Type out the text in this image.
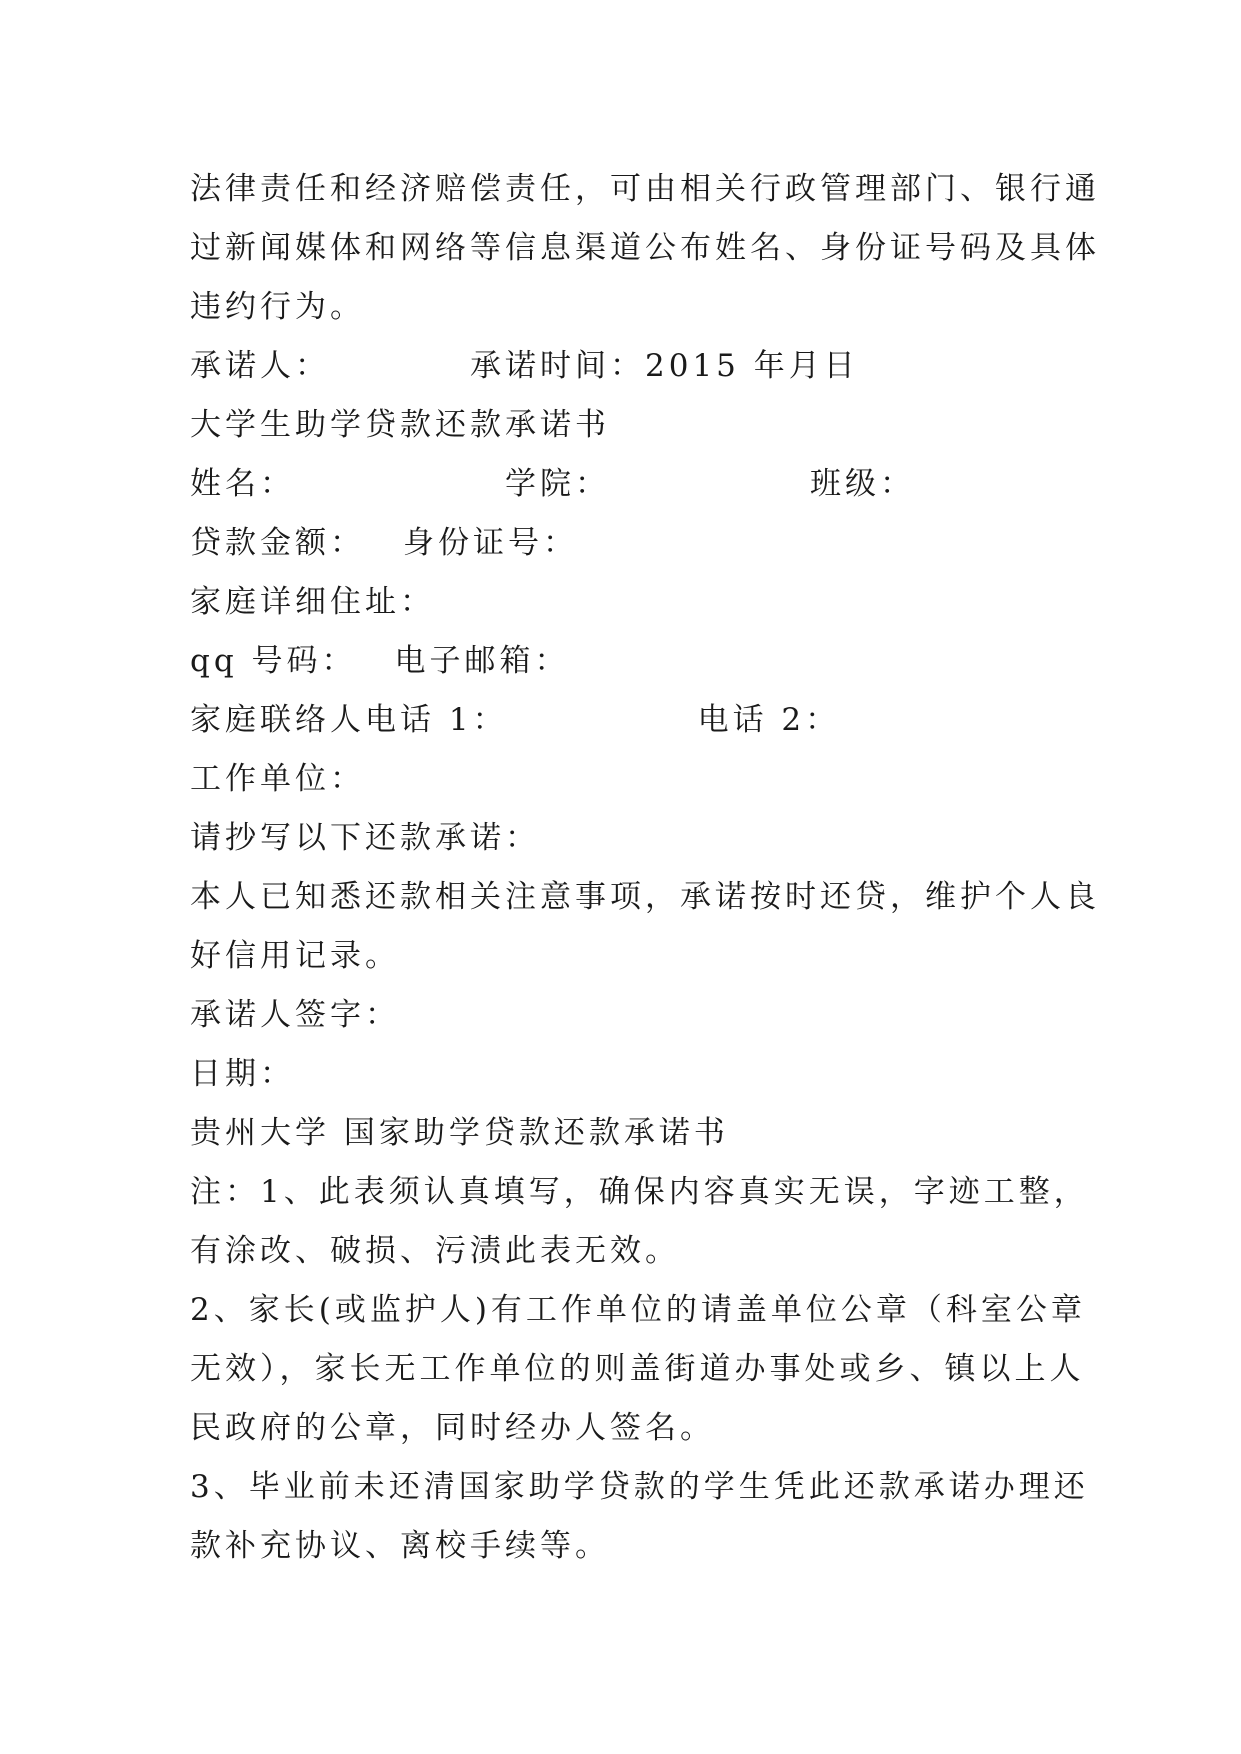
法律责任和经济赔偿责任，可由相关行政管理部门、银行通
过新闻媒体和网络等信息渠道公布姓名、身份证号码及具体
违约行为。
承诺人：	承诺时间：2015 年月日
大学生助学贷款还款承诺书
姓名：	学院：	班级：
贷款金额： 身份证号：
家庭详细住址：
qq 号码： 电子邮箱：
家庭联络人电话 1：	电话 2：
工作单位：
请抄写以下还款承诺：
本人已知悉还款相关注意事项，承诺按时还贷，维护个人良
好信用记录。
承诺人签字：
日期：
贵州大学 国家助学贷款还款承诺书
注：1、此表须认真填写，确保内容真实无误，字迹工整，
有涂改、破损、污渍此表无效。
2、家长(或监护人)有工作单位的请盖单位公章（科室公章
无效），家长无工作单位的则盖街道办事处或乡、镇以上人
民政府的公章，同时经办人签名。
3、毕业前未还清国家助学贷款的学生凭此还款承诺办理还
款补充协议、离校手续等。
